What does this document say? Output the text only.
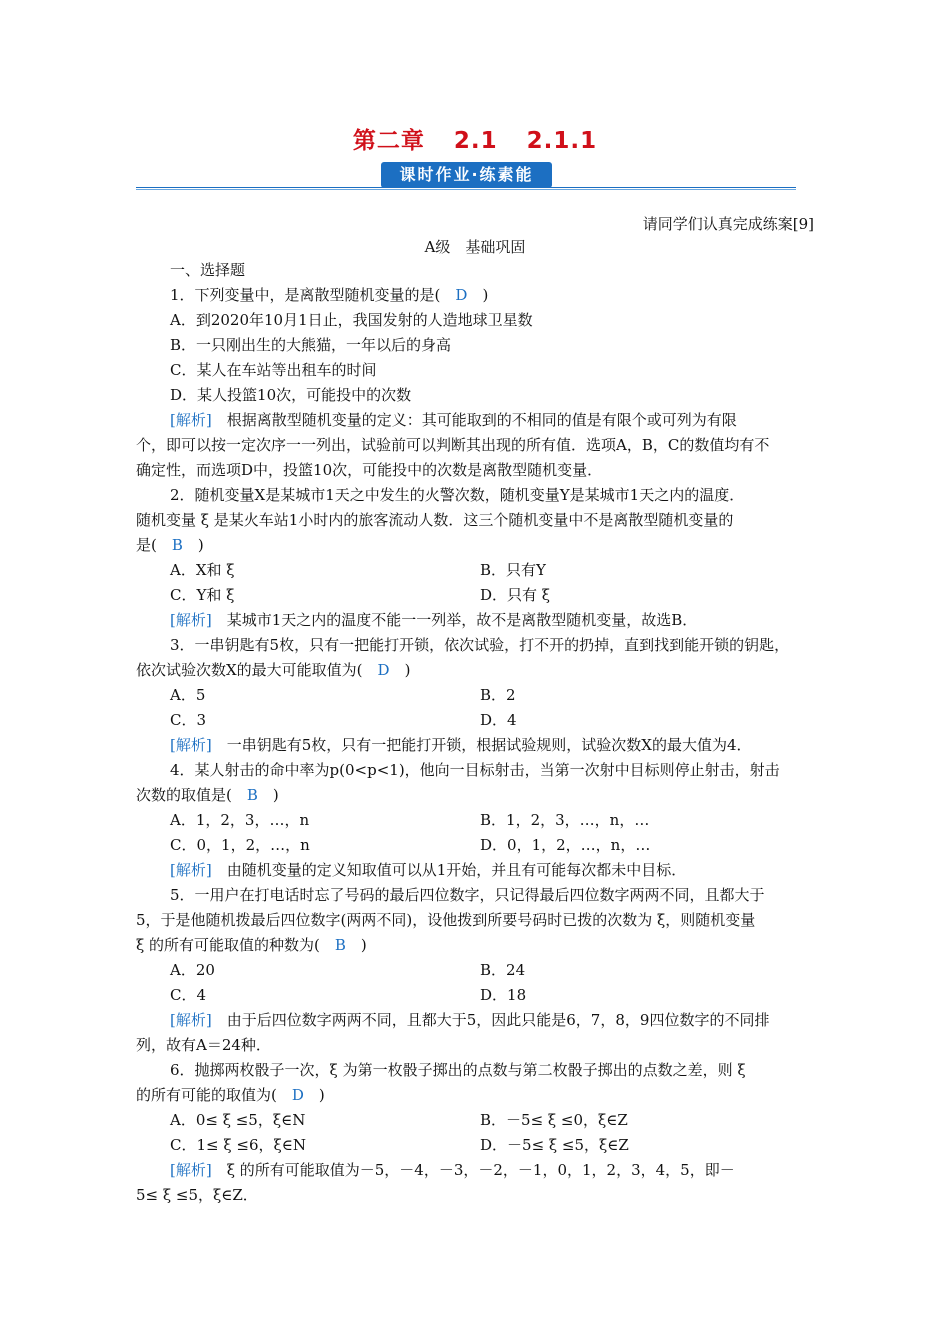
第二章 2.1 2.1.1
课时作业·练素能
请同学们认真完成练案[9]
A级　基础巩固

一、选择题

1．下列变量中，是离散型随机变量的是(　D　)

A．到2020年10月1日止，我国发射的人造地球卫星数

B．一只刚出生的大熊猫，一年以后的身高

C．某人在车站等出租车的时间

D．某人投篮10次，可能投中的次数

[解析]　根据离散型随机变量的定义：其可能取到的不相同的值是有限个或可列为有限

个，即可以按一定次序一一列出，试验前可以判断其出现的所有值．选项A，B，C的数值均有不

确定性，而选项D中，投篮10次，可能投中的次数是离散型随机变量．

2．随机变量X是某城市1天之中发生的火警次数，随机变量Y是某城市1天之内的温度．

随机变量 ξ 是某火车站1小时内的旅客流动人数．这三个随机变量中不是离散型随机变量的

是(　B　)

A．X和 ξ	B．只有Y
C．Y和 ξ	D．只有 ξ

[解析]　某城市1天之内的温度不能一一列举，故不是离散型随机变量，故选B．

3．一串钥匙有5枚，只有一把能打开锁，依次试验，打不开的扔掉，直到找到能开锁的钥匙，

依次试验次数X的最大可能取值为(　D　)

A．5	B．2
C．3	D．4

[解析]　一串钥匙有5枚，只有一把能打开锁，根据试验规则，试验次数X的最大值为4．

4．某人射击的命中率为p(0<p<1)，他向一目标射击，当第一次射中目标则停止射击，射击

次数的取值是(　B　)

A．1，2，3，…，n	B．1，2，3，…，n，…
C．0，1，2，…，n	D．0，1，2，…，n，…

[解析]　由随机变量的定义知取值可以从1开始，并且有可能每次都未中目标．

5．一用户在打电话时忘了号码的最后四位数字，只记得最后四位数字两两不同，且都大于

5，于是他随机拨最后四位数字(两两不同)，设他拨到所要号码时已拨的次数为 ξ，则随机变量

ξ 的所有可能取值的种数为(　B　)

A．20	B．24
C．4	D．18

[解析]　由于后四位数字两两不同，且都大于5，因此只能是6，7，8，9四位数字的不同排

列，故有A＝24种．

6．抛掷两枚骰子一次，ξ 为第一枚骰子掷出的点数与第二枚骰子掷出的点数之差，则 ξ

的所有可能的取值为(　D　)

A．0≤ ξ ≤5，ξ∈N	B．－5≤ ξ ≤0，ξ∈Z
C．1≤ ξ ≤6，ξ∈N	D．－5≤ ξ ≤5，ξ∈Z

[解析]　ξ 的所有可能取值为－5，－4，－3，－2，－1，0，1，2，3，4，5，即－

5≤ ξ ≤5，ξ∈Z．
